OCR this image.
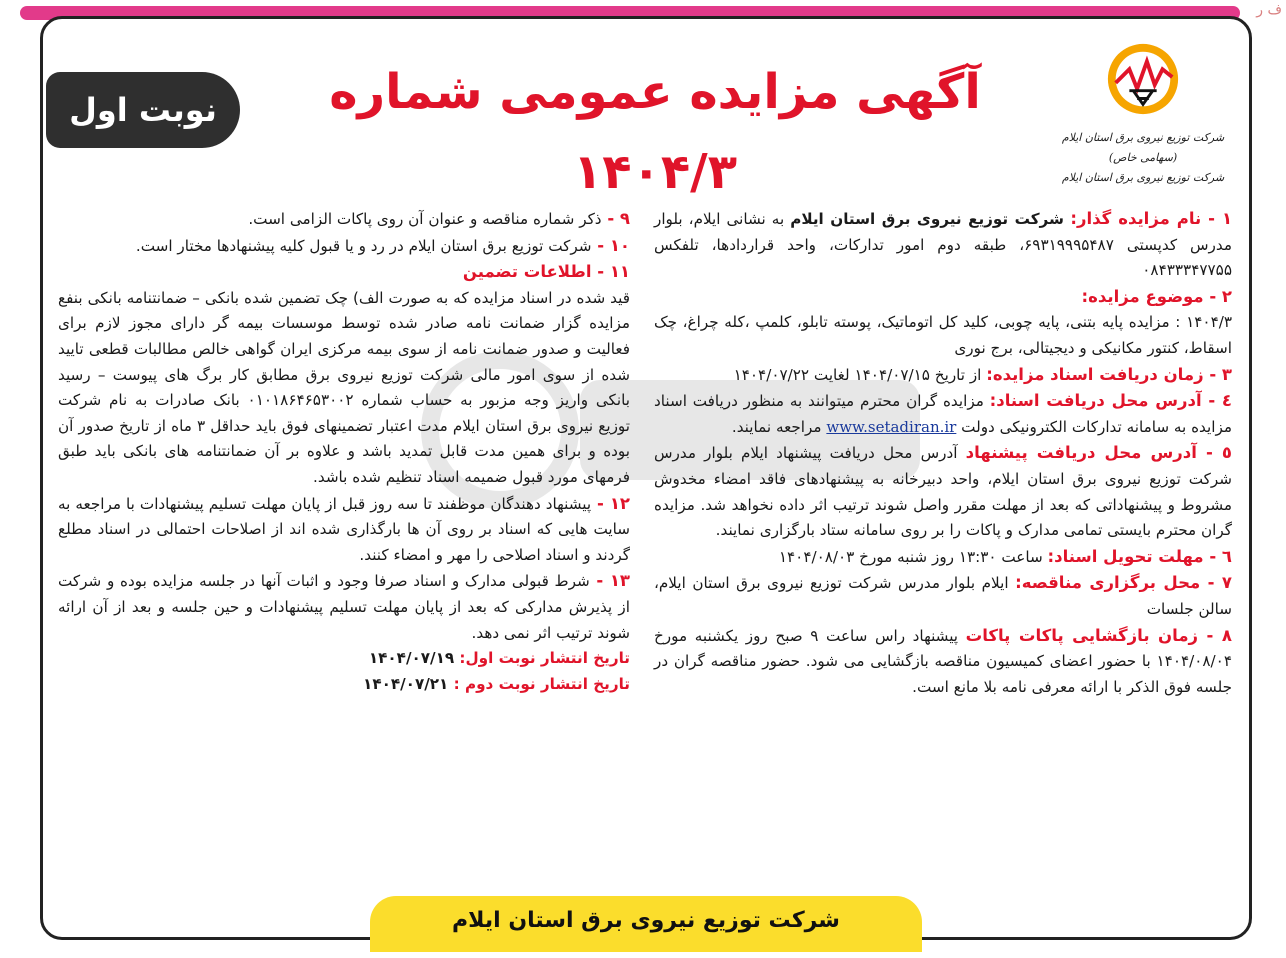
ف ر
شرکت توزیع نیروی برق استان ایلام (سهامی خاص)
شرکت توزیع نیروی برق استان ایلام
آگهی مزایده عمومی شماره ۱۴۰۴/۳
نوبت اول

۱ - نام مزایده گذار: شرکت توزیع نیروی برق استان ایلام به نشانی ایلام، بلوار مدرس کدپستی ۶۹۳۱۹۹۹۵۴۸۷، طبقه دوم امور تدارکات، واحد قراردادها، تلفکس ۰۸۴۳۳۳۴۷۷۵۵

۲ - موضوع مزایده:
۱۴۰۴/۳ : مزایده پایه بتنی، پایه چوبی، کلید کل اتوماتیک، پوسته تابلو، کلمپ ،کله چراغ، چک اسقاط، کنتور مکانیکی و دیجیتالی، برج نوری

۳ - زمان دریافت اسناد مزایده: از تاریخ ۱۴۰۴/۰۷/۱۵ لغایت ۱۴۰۴/۰۷/۲۲

٤ - آدرس محل دریافت اسناد: مزایده گران محترم میتوانند به منظور دریافت اسناد مزایده به سامانه تدارکات الکترونیکی دولت www.setadiran.ir مراجعه نمایند.

٥ - آدرس محل دریافت پیشنهاد آدرس محل دریافت پیشنهاد ایلام بلوار مدرس شرکت توزیع نیروی برق استان ایلام، واحد دبیرخانه به پیشنهادهای فاقد امضاء مخدوش مشروط و پیشنهاداتی که بعد از مهلت مقرر واصل شوند ترتیب اثر داده نخواهد شد. مزایده گران محترم بایستی تمامی مدارک و پاکات را بر روی سامانه ستاد بارگزاری نمایند.

٦ - مهلت تحویل اسناد: ساعت ۱۳:۳۰ روز شنبه مورخ ۱۴۰۴/۰۸/۰۳

۷ - محل برگزاری مناقصه: ایلام بلوار مدرس شرکت توزیع نیروی برق استان ایلام، سالن جلسات

۸ - زمان بازگشایی پاکات پاکات پیشنهاد راس ساعت ۹ صبح روز یکشنبه مورخ ۱۴۰۴/۰۸/۰۴ با حضور اعضای کمیسیون مناقصه بازگشایی می شود. حضور مناقصه گران در جلسه فوق الذکر با ارائه معرفی نامه بلا مانع است.

۹ - ذکر شماره مناقصه و عنوان آن روی پاکات الزامی است.

۱۰ - شرکت توزیع برق استان ایلام در رد و یا قبول کلیه پیشنهادها مختار است.

۱۱ - اطلاعات تضمین
قید شده در اسناد مزایده که به صورت الف) چک تضمین شده بانکی – ضمانتنامه بانکی بنفع مزایده گزار ضمانت نامه صادر شده توسط موسسات بیمه گر دارای مجوز لازم برای فعالیت و صدور ضمانت نامه از سوی بیمه مرکزی ایران گواهی خالص مطالبات قطعی تایید شده از سوی امور مالی شرکت توزیع نیروی برق مطابق کار برگ های پیوست – رسید بانکی واریز وجه مزبور به حساب شماره ۰۱۰۱۸۶۴۶۵۳۰۰۲ بانک صادرات به نام شرکت توزیع نیروی برق استان ایلام مدت اعتبار تضمینهای فوق باید حداقل ۳ ماه از تاریخ صدور آن بوده و برای همین مدت قابل تمدید باشد و علاوه بر آن ضمانتنامه های بانکی باید طبق فرمهای مورد قبول ضمیمه اسناد تنظیم شده باشد.

۱۲ - پیشنهاد دهندگان موظفند تا سه روز قبل از پایان مهلت تسلیم پیشنهادات با مراجعه به سایت هایی که اسناد بر روی آن ها بارگذاری شده اند از اصلاحات احتمالی در اسناد مطلع گردند و اسناد اصلاحی را مهر و امضاء کنند.

۱۳ - شرط قبولی مدارک و اسناد صرفا وجود و اثبات آنها در جلسه مزایده بوده و شرکت از پذیرش مدارکی که بعد از پایان مهلت تسلیم پیشنهادات و حین جلسه و بعد از آن ارائه شوند ترتیب اثر نمی دهد.

تاریخ انتشار نوبت اول: ۱۴۰۴/۰۷/۱۹

تاریخ انتشار نوبت دوم : ۱۴۰۴/۰۷/۲۱

شرکت توزیع نیروی برق استان ایلام
